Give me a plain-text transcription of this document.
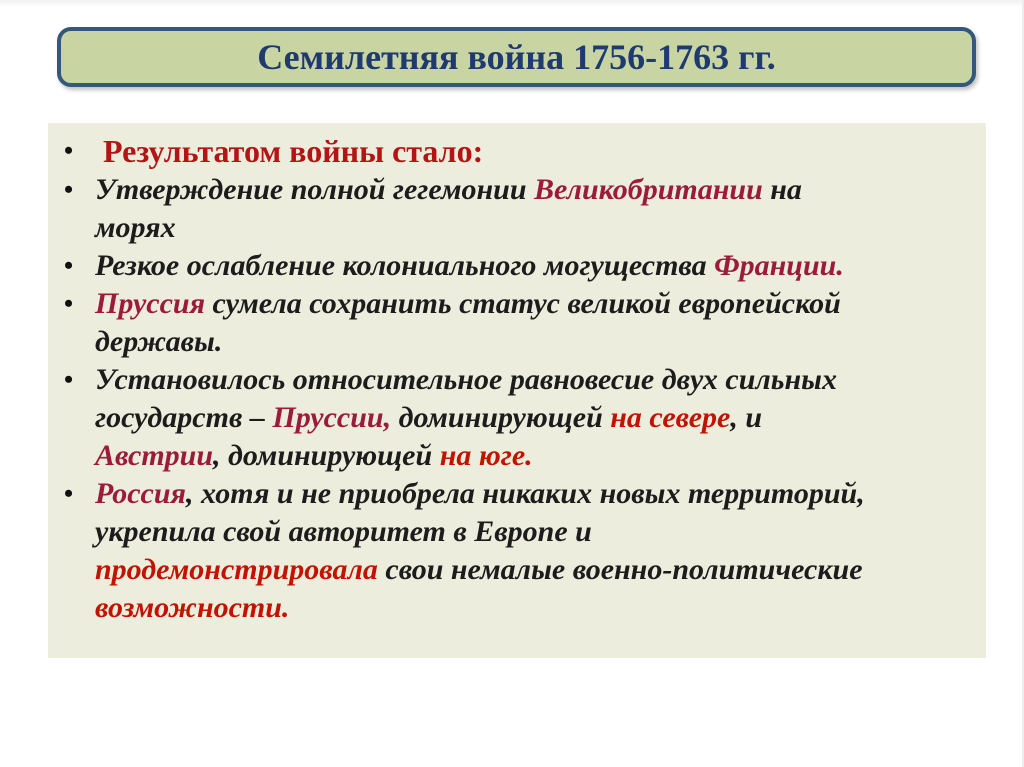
Семилетняя война 1756-1763 гг.
• Результатом войны стало:
• Утверждение полной гегемонии Великобритании на
морях
• Резкое ослабление колониального могущества Франции.
• Пруссия сумела сохранить статус великой европейской
державы.
• Установилось относительное равновесие двух сильных
государств – Пруссии, доминирующей на севере, и
Австрии, доминирующей на юге.
• Россия, хотя и не приобрела никаких новых территорий,
укрепила свой авторитет в Европе и
продемонстрировала свои немалые военно-политические
возможности.
